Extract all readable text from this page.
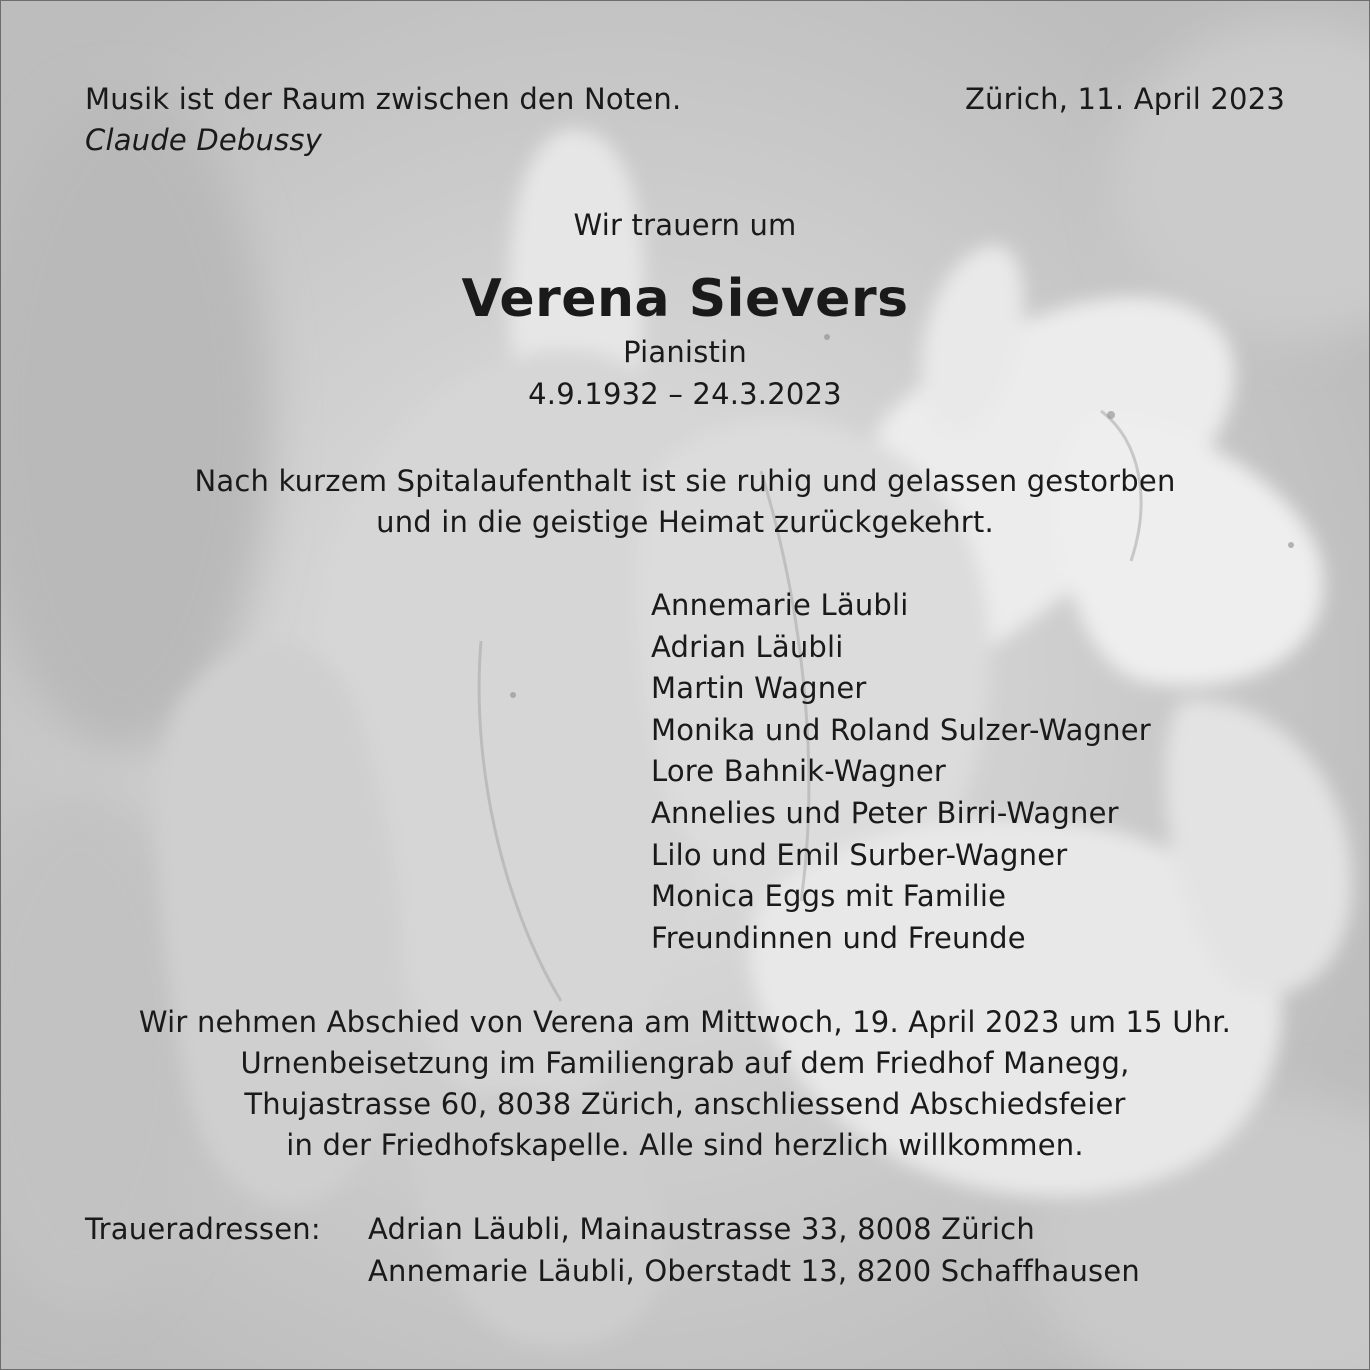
Musik ist der Raum zwischen den Noten.
Claude Debussy
Zürich, 11. April 2023
Wir trauern um
Verena Sievers
Pianistin
4.9.1932 – 24.3.2023
Nach kurzem Spitalaufenthalt ist sie ruhig und gelassen gestorben
und in die geistige Heimat zurückgekehrt.
Annemarie Läubli
Adrian Läubli
Martin Wagner
Monika und Roland Sulzer-Wagner
Lore Bahnik-Wagner
Annelies und Peter Birri-Wagner
Lilo und Emil Surber-Wagner
Monica Eggs mit Familie
Freundinnen und Freunde
Wir nehmen Abschied von Verena am Mittwoch, 19. April 2023 um 15 Uhr.
Urnenbeisetzung im Familiengrab auf dem Friedhof Manegg,
Thujastrasse 60, 8038 Zürich, anschliessend Abschiedsfeier
in der Friedhofskapelle. Alle sind herzlich willkommen.
Traueradressen: Adrian Läubli, Mainaustrasse 33, 8008 Zürich
Annemarie Läubli, Oberstadt 13, 8200 Schaffhausen
